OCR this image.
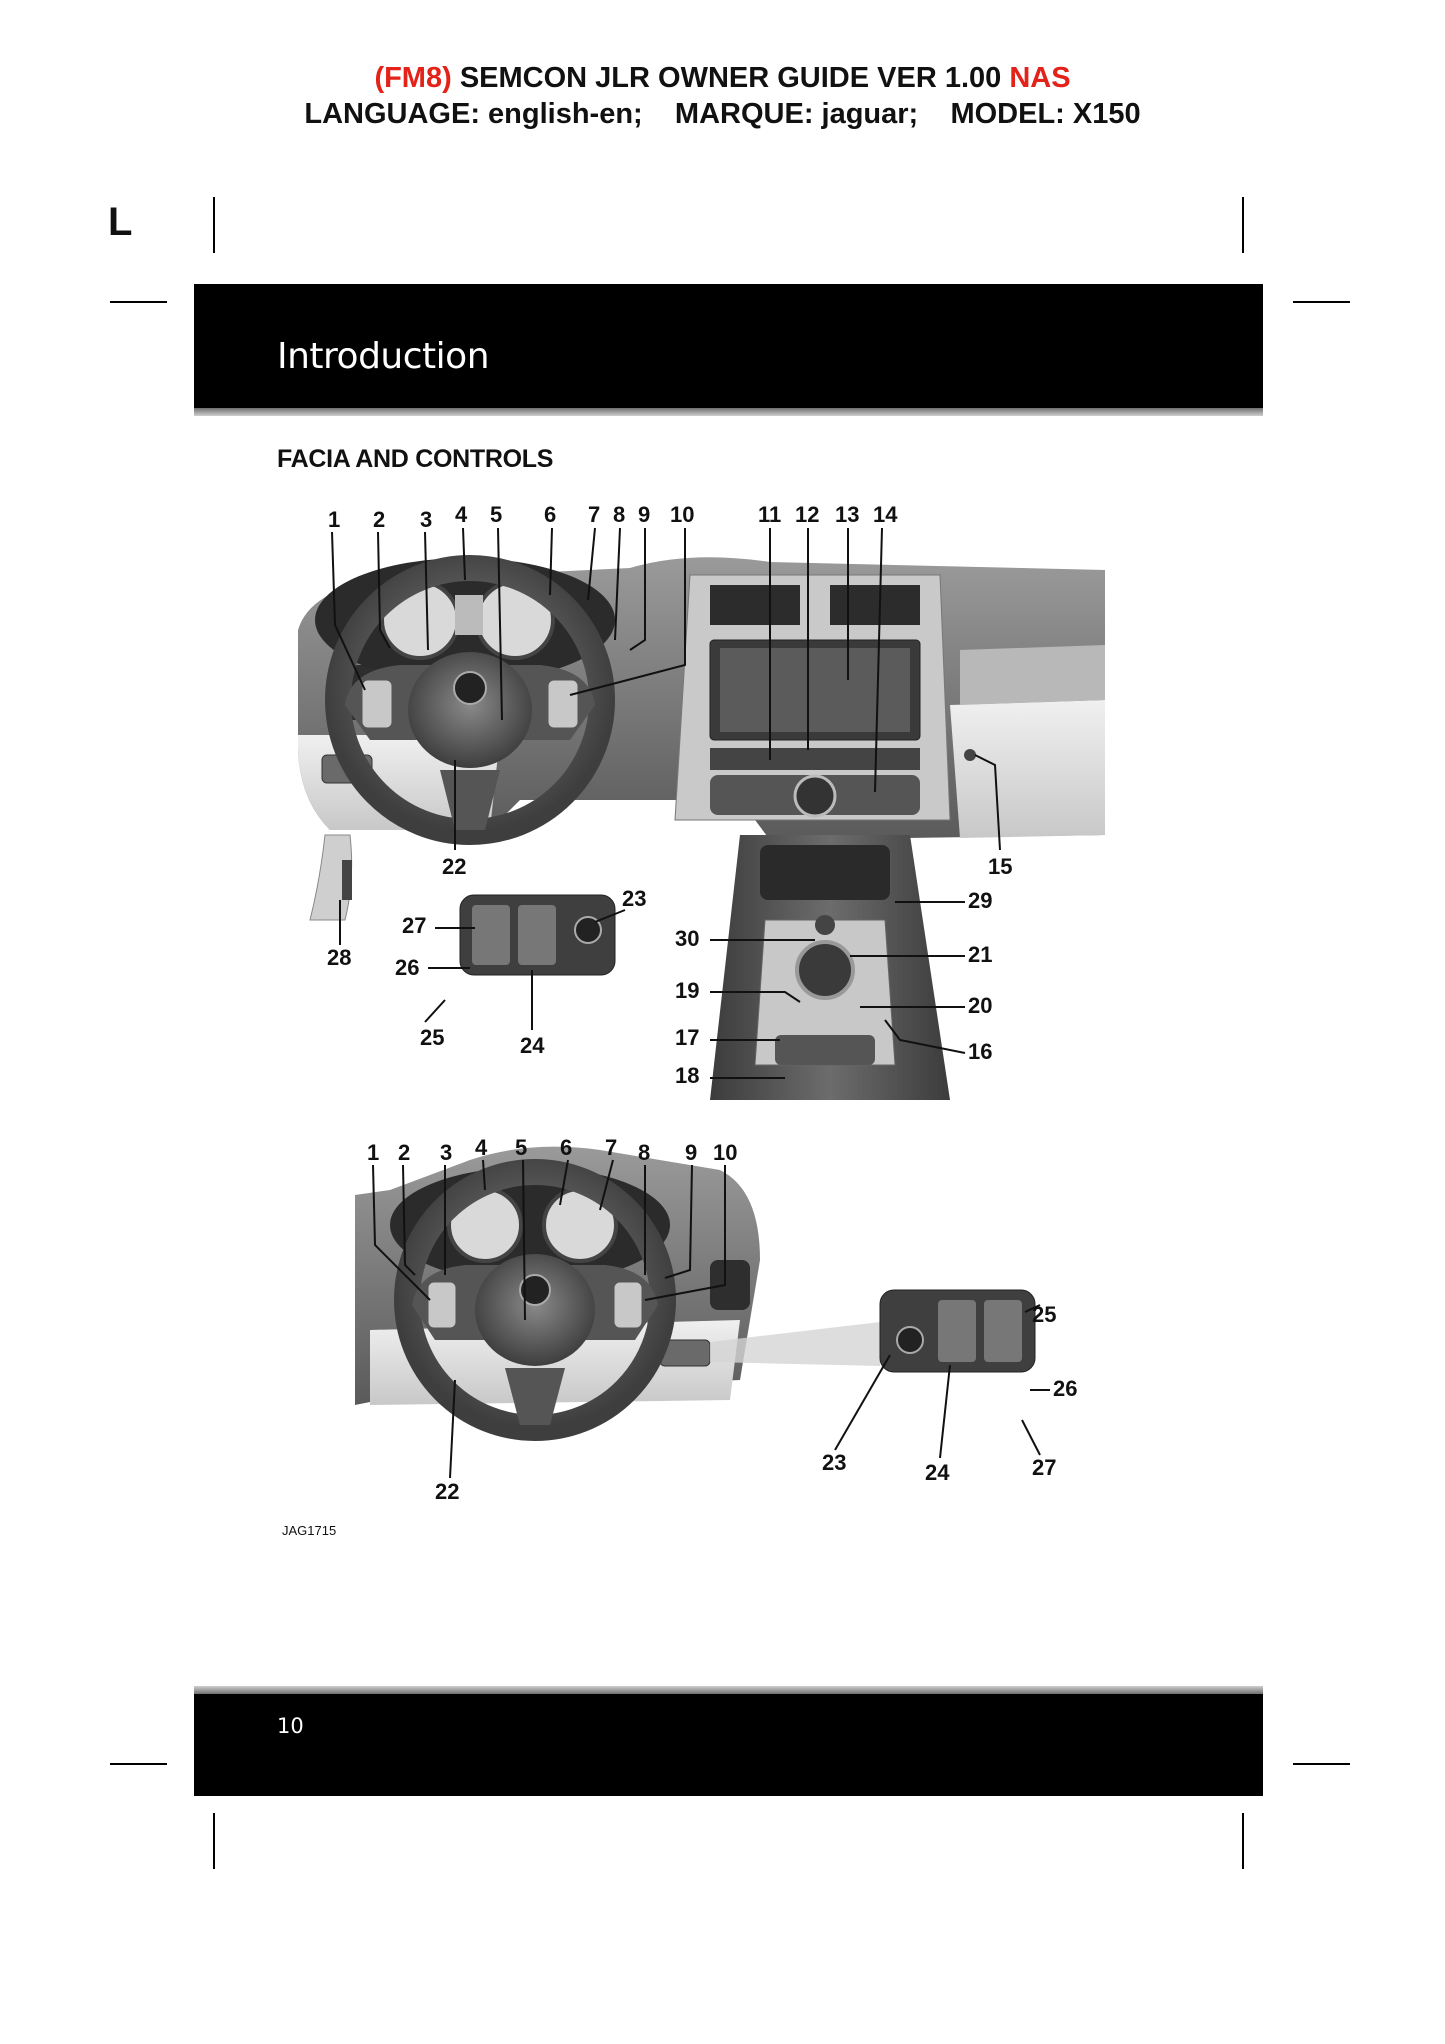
(FM8) SEMCON JLR OWNER GUIDE VER 1.00 NAS
LANGUAGE: english-en;    MARQUE: jaguar;    MODEL: X150
L
Introduction
FACIA AND CONTROLS
1 2 3 4 5 6 7 8 9 10	11 12 13 14
15
16
17
18
19
20
21
22
23
24
25
26
27
28
29
30
1 2 3 4 5 6 7 8 9 10
22
23	24
25
26
27
JAG1715
10
